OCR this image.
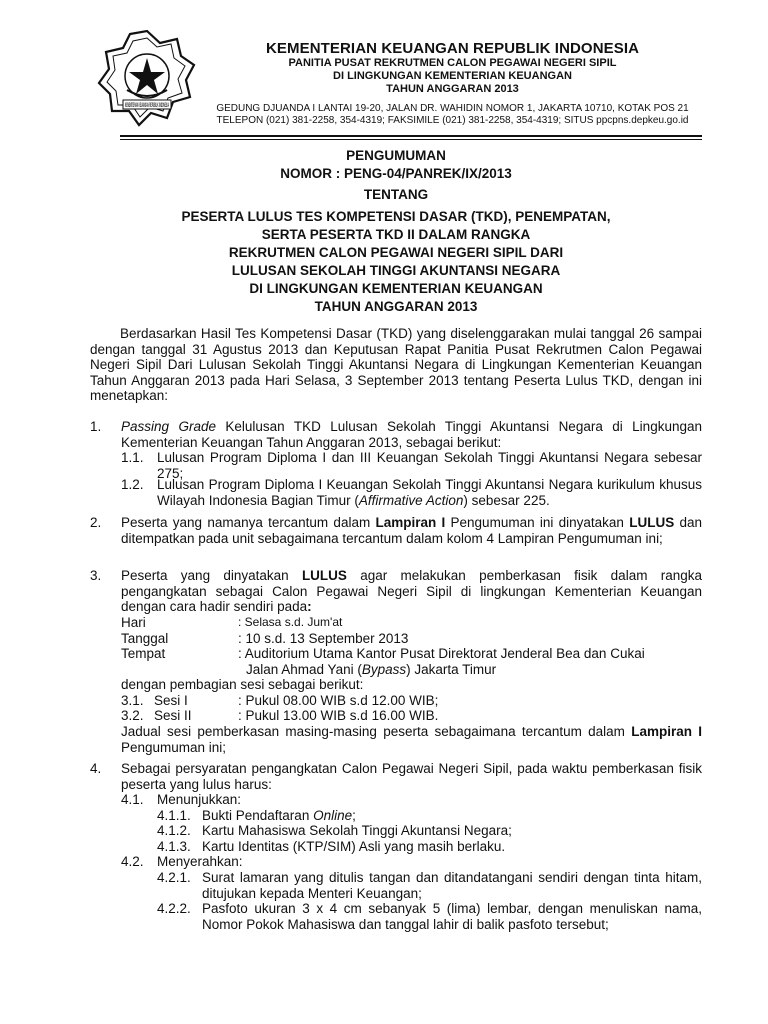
KEMENTERIAN KEUANGAN REPUBLIK INDONESIA
KEMENTERIAN KEUANGAN REPUBLIK INDONESIA
PANITIA PUSAT REKRUTMEN CALON PEGAWAI NEGERI SIPIL
DI LINGKUNGAN KEMENTERIAN KEUANGAN
TAHUN ANGGARAN 2013
GEDUNG DJUANDA I LANTAI 19-20, JALAN DR. WAHIDIN NOMOR 1, JAKARTA 10710, KOTAK POS 21
TELEPON (021) 381-2258, 354-4319; FAKSIMILE (021) 381-2258, 354-4319; SITUS ppcpns.depkeu.go.id
PENGUMUMAN
NOMOR : PENG-04/PANREK/IX/2013
TENTANG
PESERTA LULUS TES KOMPETENSI DASAR (TKD), PENEMPATAN,
SERTA PESERTA TKD II DALAM RANGKA
REKRUTMEN CALON PEGAWAI NEGERI SIPIL DARI
LULUSAN SEKOLAH TINGGI AKUNTANSI NEGARA
DI LINGKUNGAN KEMENTERIAN KEUANGAN
TAHUN ANGGARAN 2013
Berdasarkan Hasil Tes Kompetensi Dasar (TKD) yang diselenggarakan mulai tanggal 26 sampai dengan tanggal 31 Agustus 2013 dan Keputusan Rapat Panitia Pusat Rekrutmen Calon Pegawai Negeri Sipil Dari Lulusan Sekolah Tinggi Akuntansi Negara di Lingkungan Kementerian Keuangan Tahun Anggaran 2013 pada Hari Selasa, 3 September 2013 tentang Peserta Lulus TKD, dengan ini menetapkan:
1. Passing Grade Kelulusan TKD Lulusan Sekolah Tinggi Akuntansi Negara di Lingkungan Kementerian Keuangan Tahun Anggaran 2013, sebagai berikut:
1.1. Lulusan Program Diploma I dan III Keuangan Sekolah Tinggi Akuntansi Negara sebesar 275;
1.2. Lulusan Program Diploma I Keuangan Sekolah Tinggi Akuntansi Negara kurikulum khusus Wilayah Indonesia Bagian Timur (Affirmative Action) sebesar 225.
2. Peserta yang namanya tercantum dalam Lampiran I Pengumuman ini dinyatakan LULUS dan ditempatkan pada unit sebagaimana tercantum dalam kolom 4 Lampiran Pengumuman ini;
3. Peserta yang dinyatakan LULUS agar melakukan pemberkasan fisik dalam rangka pengangkatan sebagai Calon Pegawai Negeri Sipil di lingkungan Kementerian Keuangan dengan cara hadir sendiri pada:
Hari	: Selasa s.d. Jum'at
Tanggal	: 10 s.d. 13 September 2013
Tempat	: Auditorium Utama Kantor Pusat Direktorat Jenderal Bea dan Cukai
Jalan Ahmad Yani (Bypass) Jakarta Timur
dengan pembagian sesi sebagai berikut:
3.1. Sesi I	: Pukul 08.00 WIB s.d 12.00 WIB;
3.2. Sesi II	: Pukul 13.00 WIB s.d 16.00 WIB.
Jadual sesi pemberkasan masing-masing peserta sebagaimana tercantum dalam Lampiran I Pengumuman ini;
4. Sebagai persyaratan pengangkatan Calon Pegawai Negeri Sipil, pada waktu pemberkasan fisik peserta yang lulus harus:
4.1. Menunjukkan:
4.1.1. Bukti Pendaftaran Online;
4.1.2. Kartu Mahasiswa Sekolah Tinggi Akuntansi Negara;
4.1.3. Kartu Identitas (KTP/SIM) Asli yang masih berlaku.
4.2. Menyerahkan:
4.2.1. Surat lamaran yang ditulis tangan dan ditandatangani sendiri dengan tinta hitam, ditujukan kepada Menteri Keuangan;
4.2.2. Pasfoto ukuran 3 x 4 cm sebanyak 5 (lima) lembar, dengan menuliskan nama, Nomor Pokok Mahasiswa dan tanggal lahir di balik pasfoto tersebut;
